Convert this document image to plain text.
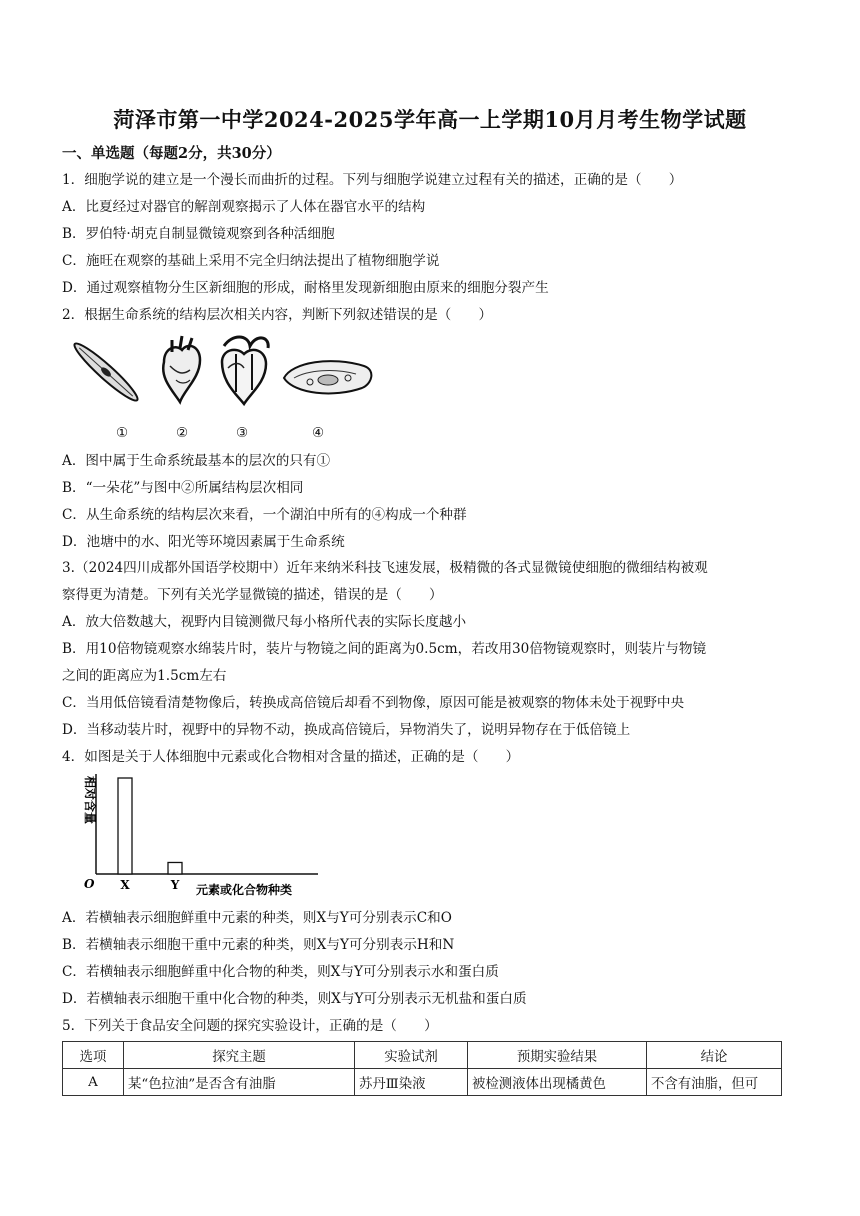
菏泽市第一中学2024-2025学年高一上学期10月月考生物学试题
一、单选题（每题2分，共30分）
1．细胞学说的建立是一个漫长而曲折的过程。下列与细胞学说建立过程有关的描述，正确的是（　　）
A．比夏经过对器官的解剖观察揭示了人体在器官水平的结构
B．罗伯特·胡克自制显微镜观察到各种活细胞
C．施旺在观察的基础上采用不完全归纳法提出了植物细胞学说
D．通过观察植物分生区新细胞的形成，耐格里发现新细胞由原来的细胞分裂产生
2．根据生命系统的结构层次相关内容，判断下列叙述错误的是（　　）
①	②	③	④
A．图中属于生命系统最基本的层次的只有①
B．“一朵花”与图中②所属结构层次相同
C．从生命系统的结构层次来看，一个湖泊中所有的④构成一个种群
D．池塘中的水、阳光等环境因素属于生命系统
3.（2024四川成都外国语学校期中）近年来纳米科技飞速发展，极精微的各式显微镜使细胞的微细结构被观
察得更为清楚。下列有关光学显微镜的描述，错误的是（　　）
A．放大倍数越大，视野内目镜测微尺每小格所代表的实际长度越小
B．用10倍物镜观察水绵装片时，装片与物镜之间的距离为0.5cm，若改用30倍物镜观察时，则装片与物镜
之间的距离应为1.5cm左右
C．当用低倍镜看清楚物像后，转换成高倍镜后却看不到物像，原因可能是被观察的物体未处于视野中央
D．当移动装片时，视野中的异物不动，换成高倍镜后，异物消失了，说明异物存在于低倍镜上
4．如图是关于人体细胞中元素或化合物相对含量的描述，正确的是（　　）
相对含量
O	元素或化合物种类
X	Y
A．若横轴表示细胞鲜重中元素的种类，则X与Y可分别表示C和O
B．若横轴表示细胞干重中元素的种类，则X与Y可分别表示H和N
C．若横轴表示细胞鲜重中化合物的种类，则X与Y可分别表示水和蛋白质
D．若横轴表示细胞干重中化合物的种类，则X与Y可分别表示无机盐和蛋白质
5．下列关于食品安全问题的探究实验设计，正确的是（　　）
选项	探究主题	实验试剂	预期实验结果	结论
A	某“色拉油”是否含有油脂	苏丹Ⅲ染液	被检测液体出现橘黄色	不含有油脂，但可
